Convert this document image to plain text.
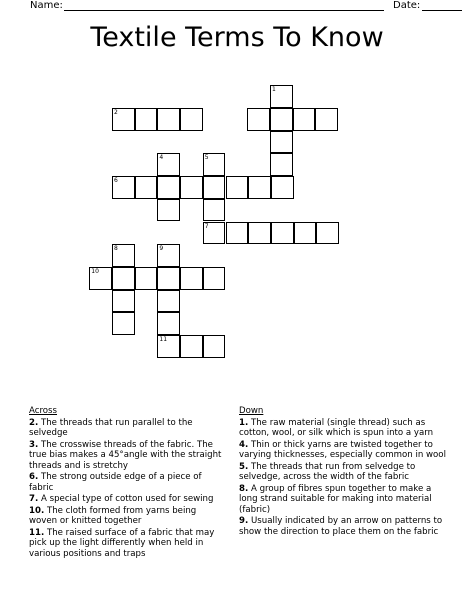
Name:	Date:
Textile Terms To Know
1
2
4	5
6
7
8	9
10
11
Across
2. The threads that run parallel to the selvedge
3. The crosswise threads of the fabric. The true bias makes a 45°angle with the straight threads and is stretchy
6. The strong outside edge of a piece of fabric
7. A special type of cotton used for sewing
10. The cloth formed from yarns being woven or knitted together
11. The raised surface of a fabric that may pick up the light differently when held in various positions and traps
Down
1. The raw material (single thread) such as cotton, wool, or silk which is spun into a yarn
4. Thin or thick yarns are twisted together to varying thicknesses, especially common in wool
5. The threads that run from selvedge to selvedge, across the width of the fabric
8. A group of fibres spun together to make a long strand suitable for making into material (fabric)
9. Usually indicated by an arrow on patterns to show the direction to place them on the fabric
